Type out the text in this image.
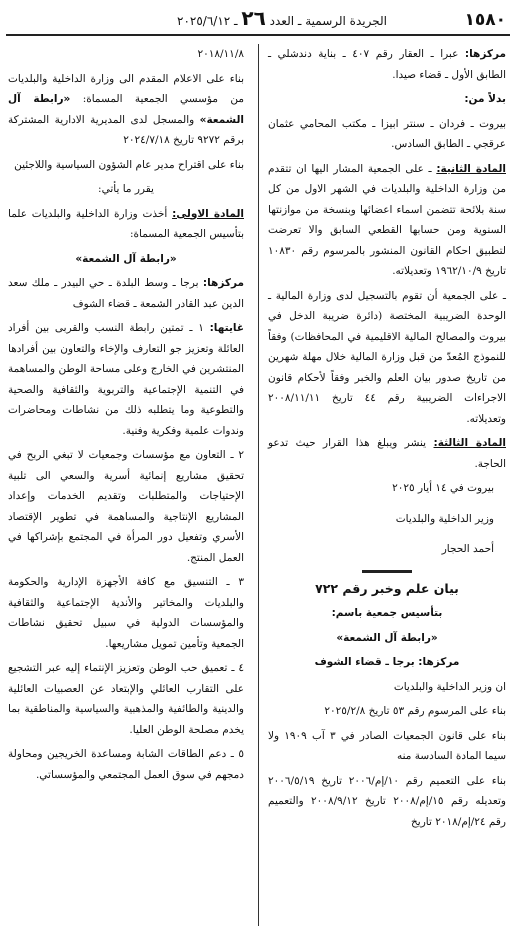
١٥٨٠
الجريدة الرسمية ـ العدد ٢٦ ـ ٢٠٢٥/٦/١٢

مركزها: عبرا ـ العقار رقم ٤٠٧ ـ بناية دندشلي ـ الطابق الأول ـ قضاء صيدا.

بدلاً من:

بيروت ـ فردان ـ سنتر ابيزا ـ مكتب المحامي عثمان عرقجي ـ الطابق السادس.

المادة الثانية: ـ على الجمعية المشار اليها ان تتقدم من وزارة الداخلية والبلديات في الشهر الاول من كل سنة بلائحة تتضمن اسماء اعضائها وبنسخة من موازنتها السنوية ومن حسابها القطعي السابق والا تعرضت لتطبيق احكام القانون المنشور بالمرسوم رقم ١٠٨٣٠ تاريخ ١٩٦٢/١٠/٩ وتعديلاته.

ـ على الجمعية أن تقوم بالتسجيل لدى وزارة المالية ـ الوحدة الضريبية المختصة (دائرة ضريبة الدخل في بيروت والمصالح المالية الاقليمية في المحافظات) وفقاً للنموذج المُعدّ من قبل وزارة المالية خلال مهلة شهرين من تاريخ صدور بيان العلم والخبر وفقاً لأحكام قانون الاجراءات الضريبية رقم ٤٤ تاريخ ٢٠٠٨/١١/١١ وتعديلاته.

المادة الثالثة: ينشر ويبلغ هذا القرار حيث تدعو الحاجة.

بيروت في ١٤ أيار ٢٠٢٥

وزير الداخلية والبلديات

أحمد الحجار

بيان علم وخبر رقم ٧٢٢

بتأسيس جمعية باسم:

«رابطة آل الشمعة»

مركزها: برجا ـ قضاء الشوف

ان وزير الداخلية والبلديات

بناء على المرسوم رقم ٥٣ تاريخ ٢٠٢٥/٢/٨

بناء على قانون الجمعيات الصادر في ٣ آب ١٩٠٩ ولا سيما المادة السادسة منه

بناء على التعميم رقم ١٠/إم/٢٠٠٦ تاريخ ٢٠٠٦/٥/١٩ وتعديله رقم ١٥/إم/٢٠٠٨ تاريخ ٢٠٠٨/٩/١٢ والتعميم رقم ٢٤/إم/٢٠١٨ تاريخ

٢٠١٨/١١/٨

بناء على الاعلام المقدم الى وزارة الداخلية والبلديات من مؤسسي الجمعية المسماة: «رابطة آل الشمعة» والمسجل لدى المديرية الادارية المشتركة برقم ٩٢٧٢ تاريخ ٢٠٢٤/٧/١٨

بناء على اقتراح مدير عام الشؤون السياسية واللاجئين

يقرر ما يأتي:

المادة الاولى: أخذت وزارة الداخلية والبلديات علما بتأسيس الجمعية المسماة:

«رابطة آل الشمعة»

مركزها: برجا ـ وسط البلدة ـ حي البيدر ـ ملك سعد الدين عبد القادر الشمعة ـ قضاء الشوف

غايتها: ١ ـ تمتين رابطة النسب والقربى بين أفراد العائلة وتعزيز جو التعارف والإخاء والتعاون بين أفرادها المنتشرين في الخارج وعلى مساحة الوطن والمساهمة في التنمية الإجتماعية والتربوية والثقافية والصحية والتطوعية وما يتطلبه ذلك من نشاطات ومحاضرات وندوات علمية وفكرية وفنية.

٢ ـ التعاون مع مؤسسات وجمعيات لا تبغي الربح في تحقيق مشاريع إنمائية أسرية والسعي الى تلبية الإحتياجات والمتطلبات وتقديم الخدمات وإعداد المشاريع الإنتاجية والمساهمة في تطوير الإقتصاد الأسري وتفعيل دور المرأة في المجتمع بإشراكها في العمل المنتج.

٣ ـ التنسيق مع كافة الأجهزة الإدارية والحكومة والبلديات والمخاتير والأندية الإجتماعية والثقافية والمؤسسات الدولية في سبيل تحقيق نشاطات الجمعية وتأمين تمويل مشاريعها.

٤ ـ تعميق حب الوطن وتعزيز الإنتماء إليه عبر التشجيع على التقارب العائلي والإبتعاد عن العصبيات العائلية والدينية والطائفية والمذهبية والسياسية والمناطقية بما يخدم مصلحة الوطن العليا.

٥ ـ دعم الطاقات الشابة ومساعدة الخريجين ومحاولة دمجهم في سوق العمل المجتمعي والمؤسساتي.
